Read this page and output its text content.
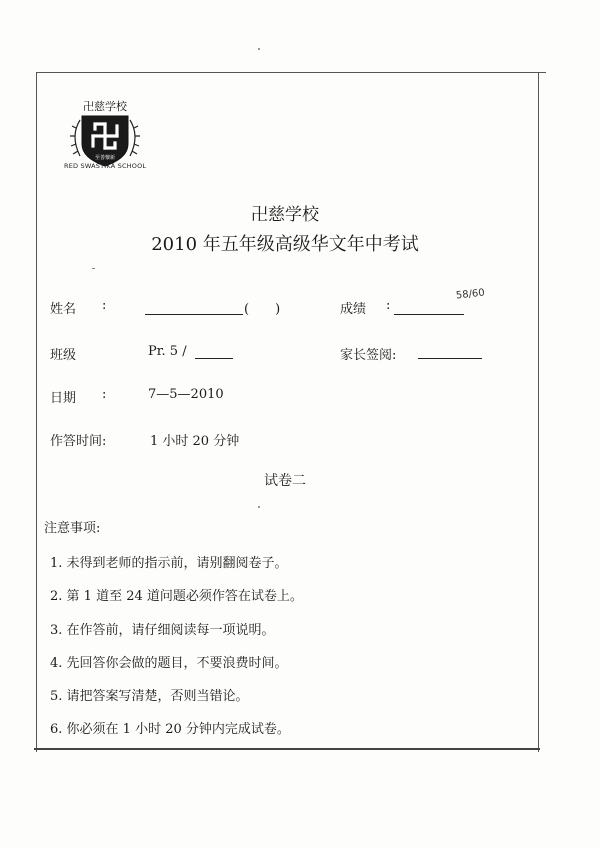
卍慈学校
至善懷新
RED SWASTIKA SCHOOL
卍慈学校
2010 年五年级高级华文年中考试
姓名 :	(　　)	成绩 :
58/60
班级	Pr. 5 /	家长签阅:
日期 :	7—5—2010
作答时间:	1 小时 20 分钟
试卷二
注意事项:
1. 未得到老师的指示前，请别翻阅卷子。
2. 第 1 道至 24 道问题必须作答在试卷上。
3. 在作答前，请仔细阅读每一项说明。
4. 先回答你会做的题目，不要浪费时间。
5. 请把答案写清楚，否则当错论。
6. 你必须在 1 小时 20 分钟内完成试卷。
